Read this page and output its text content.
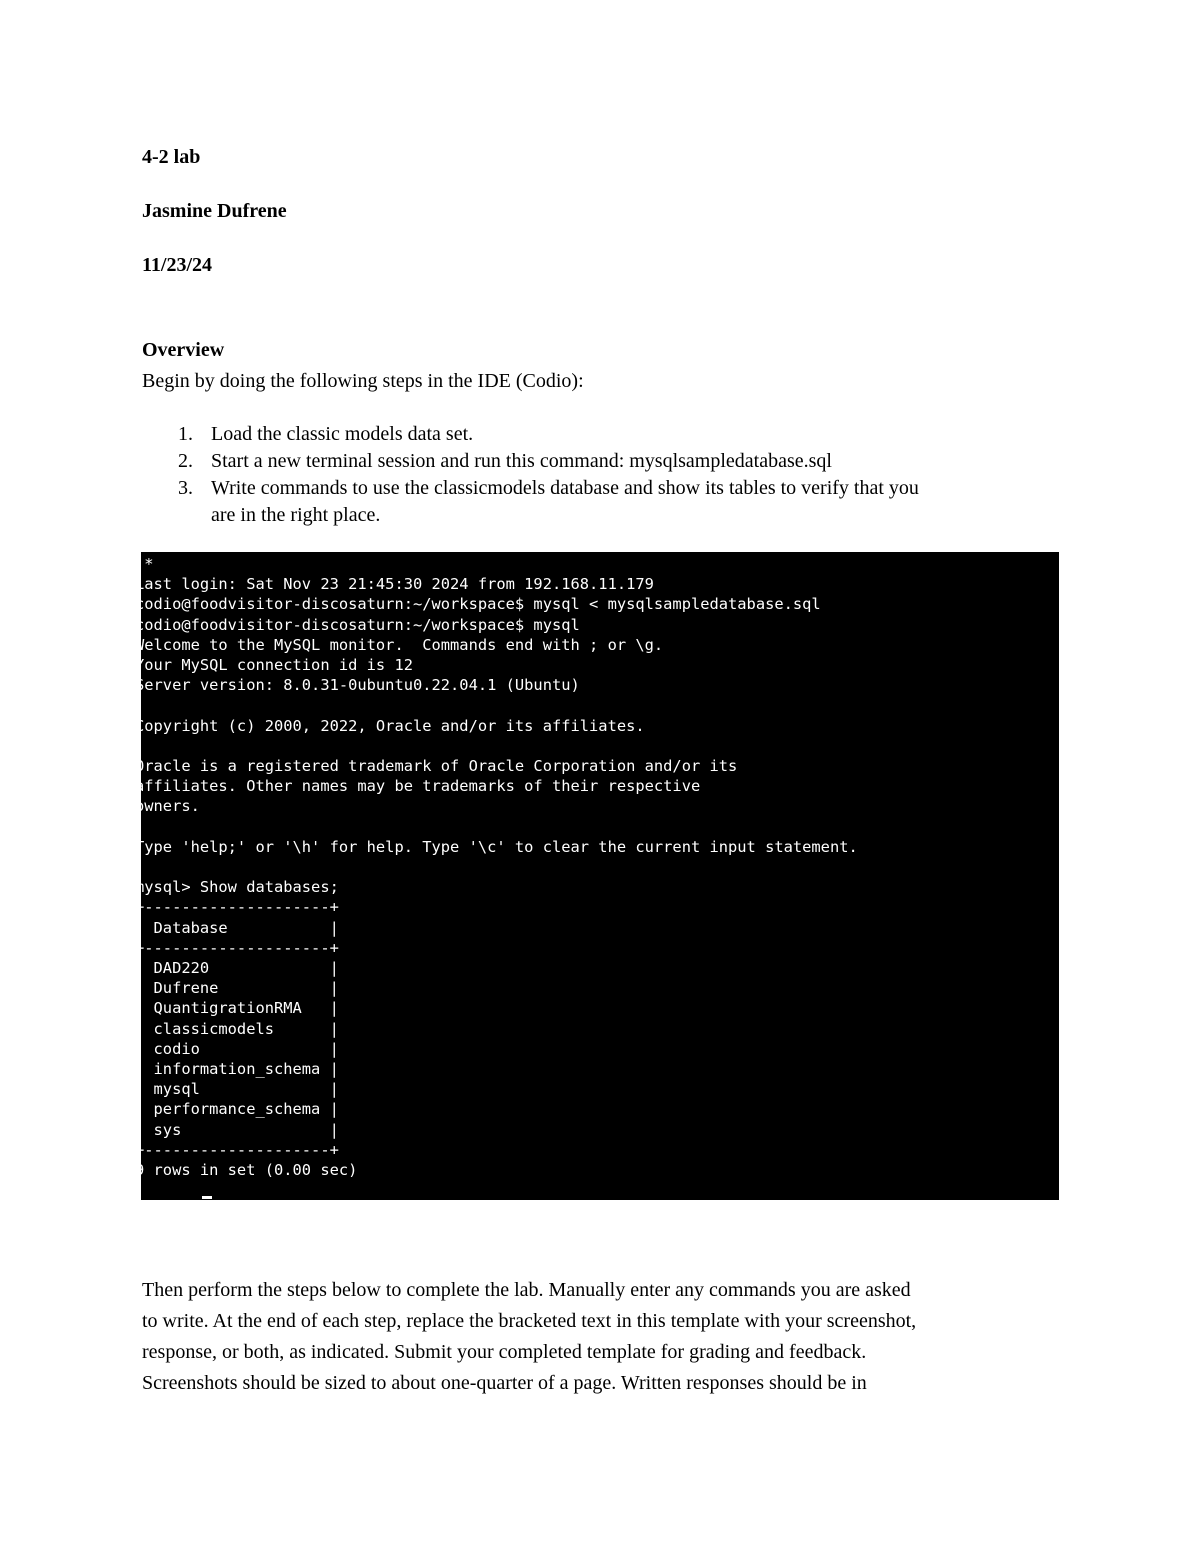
4-2 lab
Jasmine Dufrene
11/23/24
Overview
Begin by doing the following steps in the IDE (Codio):
1. Load the classic models data set.
2. Start a new terminal session and run this command: mysqlsampledatabase.sql
3. Write commands to use the classicmodels database and show its tables to verify that you
are in the right place.
*
Last login: Sat Nov 23 21:45:30 2024 from 192.168.11.179
codio@foodvisitor-discosaturn:~/workspace$ mysql < mysqlsampledatabase.sql
codio@foodvisitor-discosaturn:~/workspace$ mysql
Welcome to the MySQL monitor.  Commands end with ; or \g.
Your MySQL connection id is 12
Server version: 8.0.31-0ubuntu0.22.04.1 (Ubuntu)

Copyright (c) 2000, 2022, Oracle and/or its affiliates.

Oracle is a registered trademark of Oracle Corporation and/or its
affiliates. Other names may be trademarks of their respective
owners.

Type 'help;' or '\h' for help. Type '\c' to clear the current input statement.

mysql> Show databases;
+--------------------+
| Database           |
+--------------------+
| DAD220             |
| Dufrene            |
| QuantigrationRMA   |
| classicmodels      |
| codio              |
| information_schema |
| mysql              |
| performance_schema |
| sys                |
+--------------------+
9 rows in set (0.00 sec)
Then perform the steps below to complete the lab. Manually enter any commands you are asked
to write. At the end of each step, replace the bracketed text in this template with your screenshot,
response, or both, as indicated. Submit your completed template for grading and feedback.
Screenshots should be sized to about one-quarter of a page. Written responses should be in
